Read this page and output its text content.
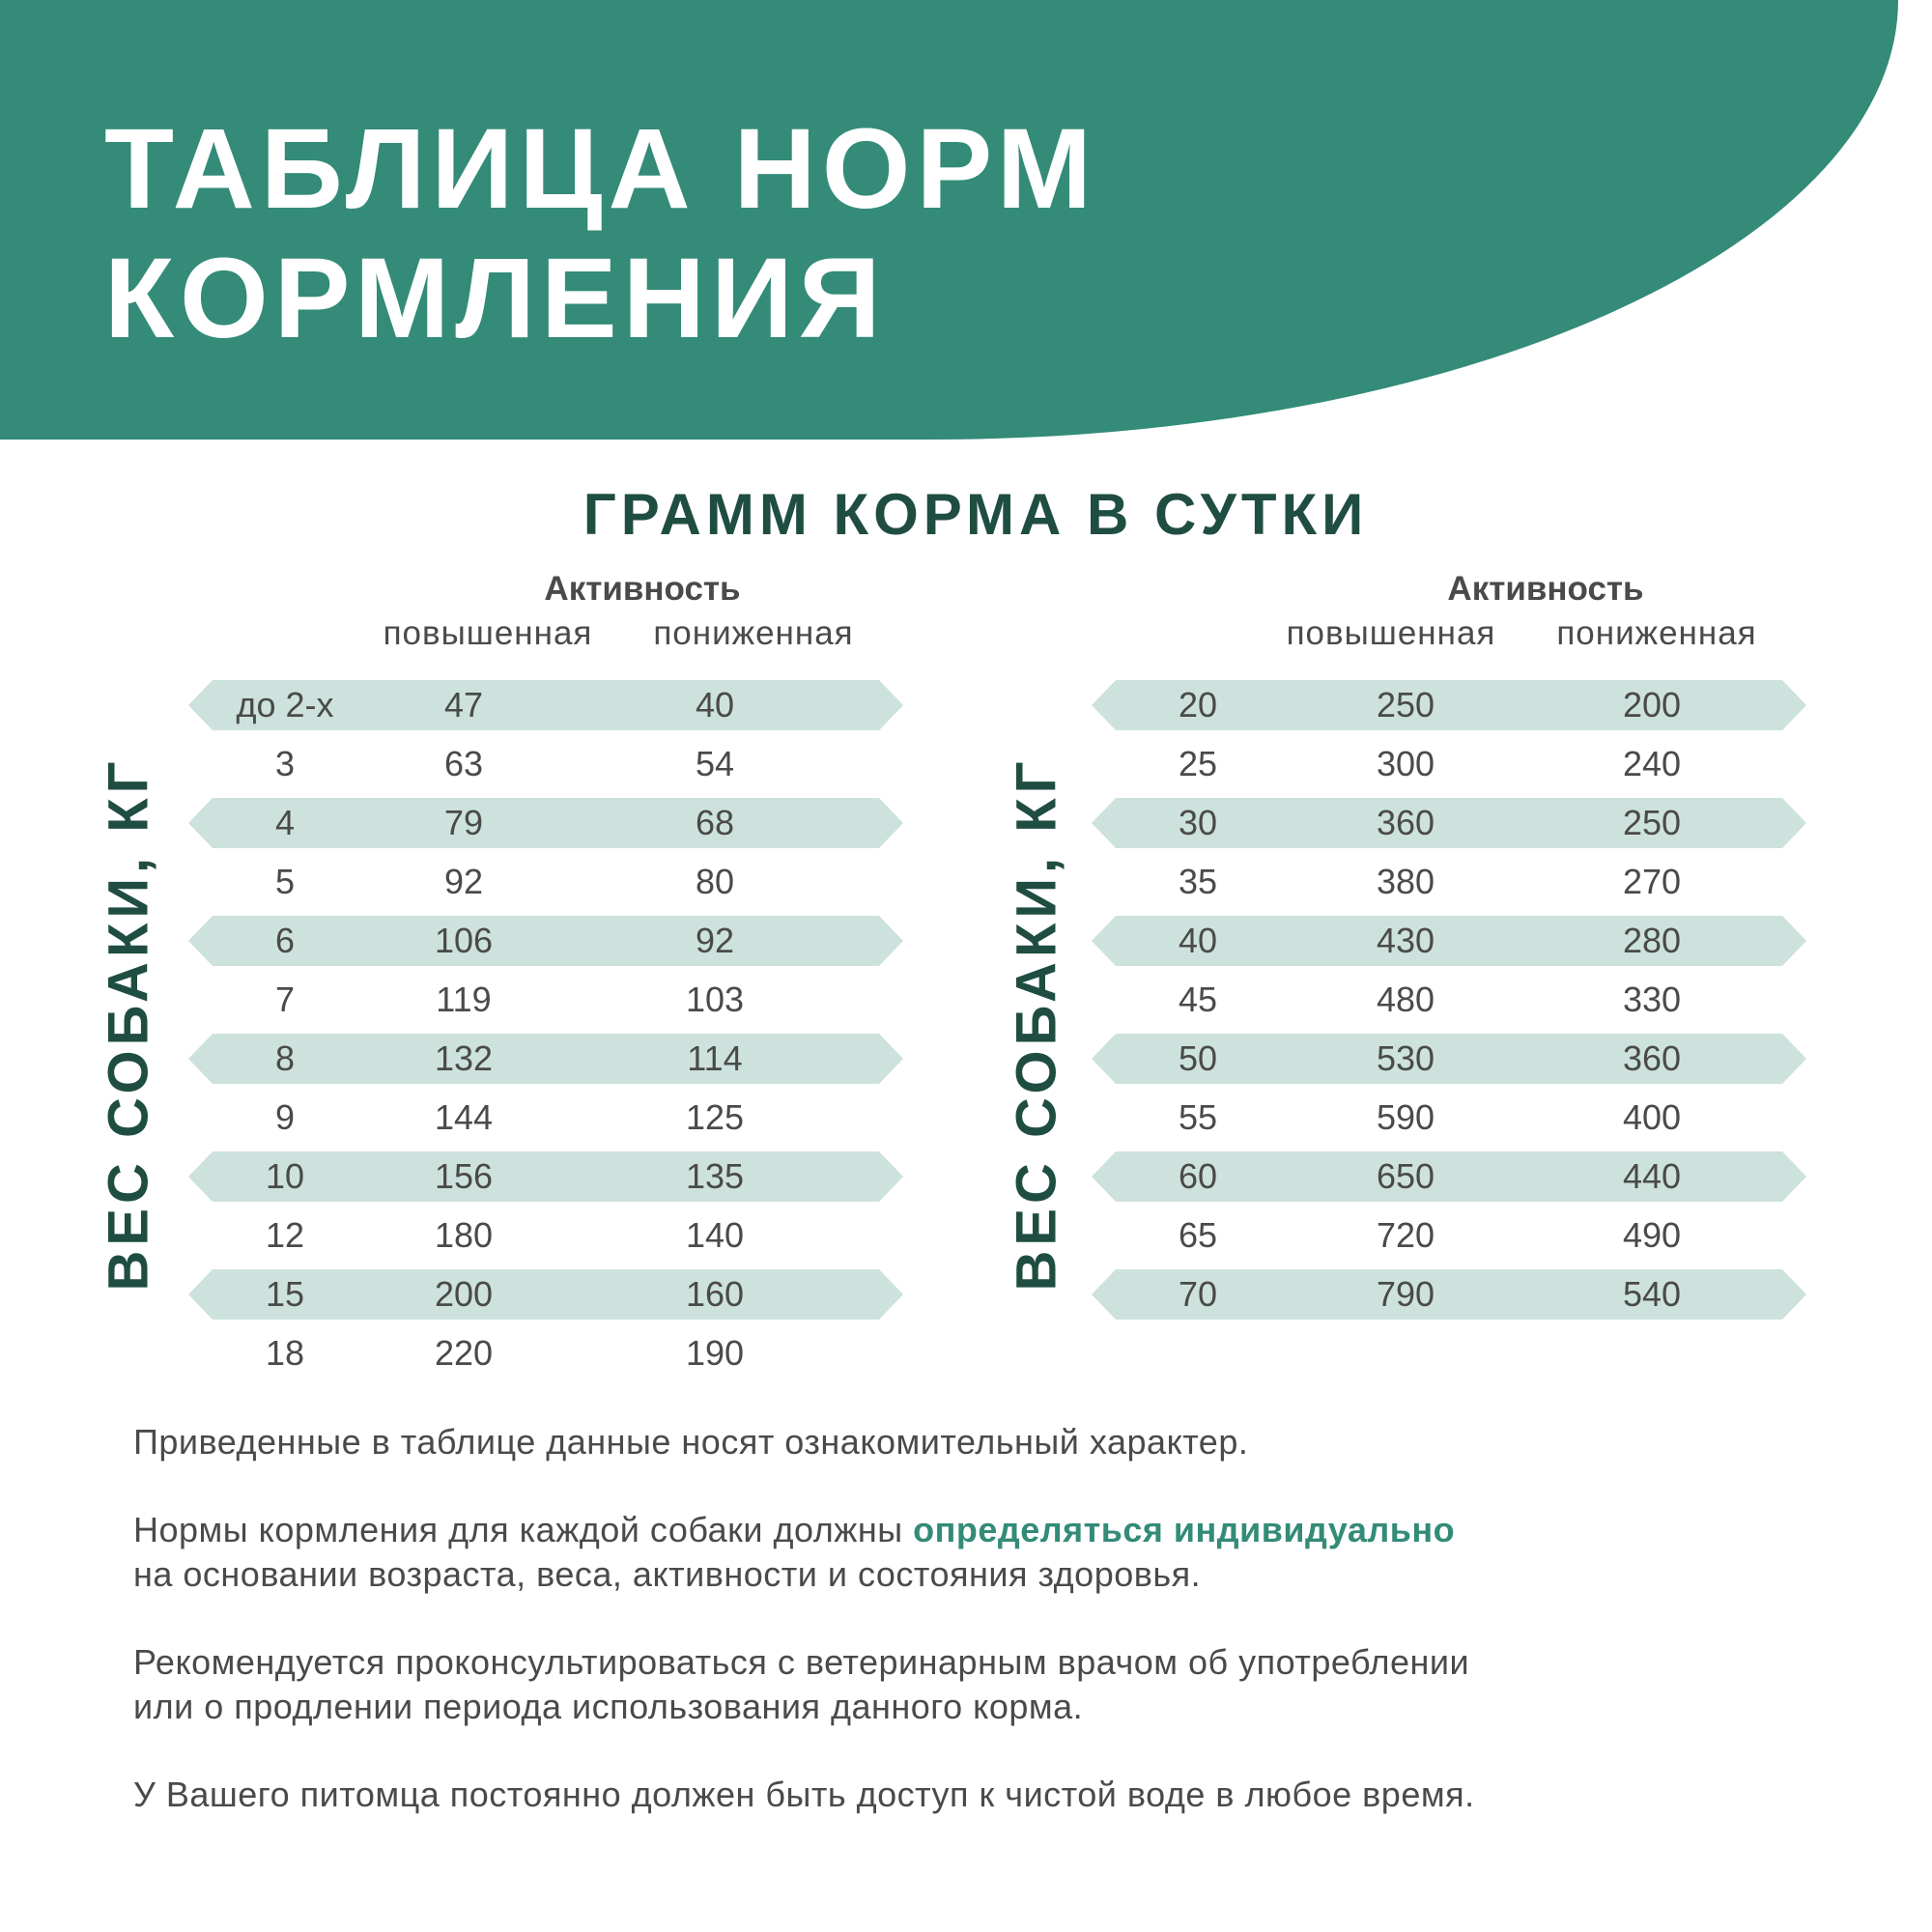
ТАБЛИЦА НОРМ
КОРМЛЕНИЯ
ГРАММ КОРМА В СУТКИ
ВЕС СОБАКИ, КГ	ВЕС СОБАКИ, КГ
Активность
повышенная	пониженная
до 2-х	47	40
3	63	54
4	79	68
5	92	80
6	106	92
7	119	103
8	132	114
9	144	125
10	156	135
12	180	140
15	200	160
18	220	190
Активность
повышенная	пониженная
20	250	200
25	300	240
30	360	250
35	380	270
40	430	280
45	480	330
50	530	360
55	590	400
60	650	440
65	720	490
70	790	540

Приведенные в таблице данные носят ознакомительный характер.

Нормы кормления для каждой собаки должны определяться индивидуально
на основании возраста, веса, активности и состояния здоровья.

Рекомендуется проконсультироваться с ветеринарным врачом об употреблении
или о продлении периода использования данного корма.

У Вашего питомца постоянно должен быть доступ к чистой воде в любое время.
